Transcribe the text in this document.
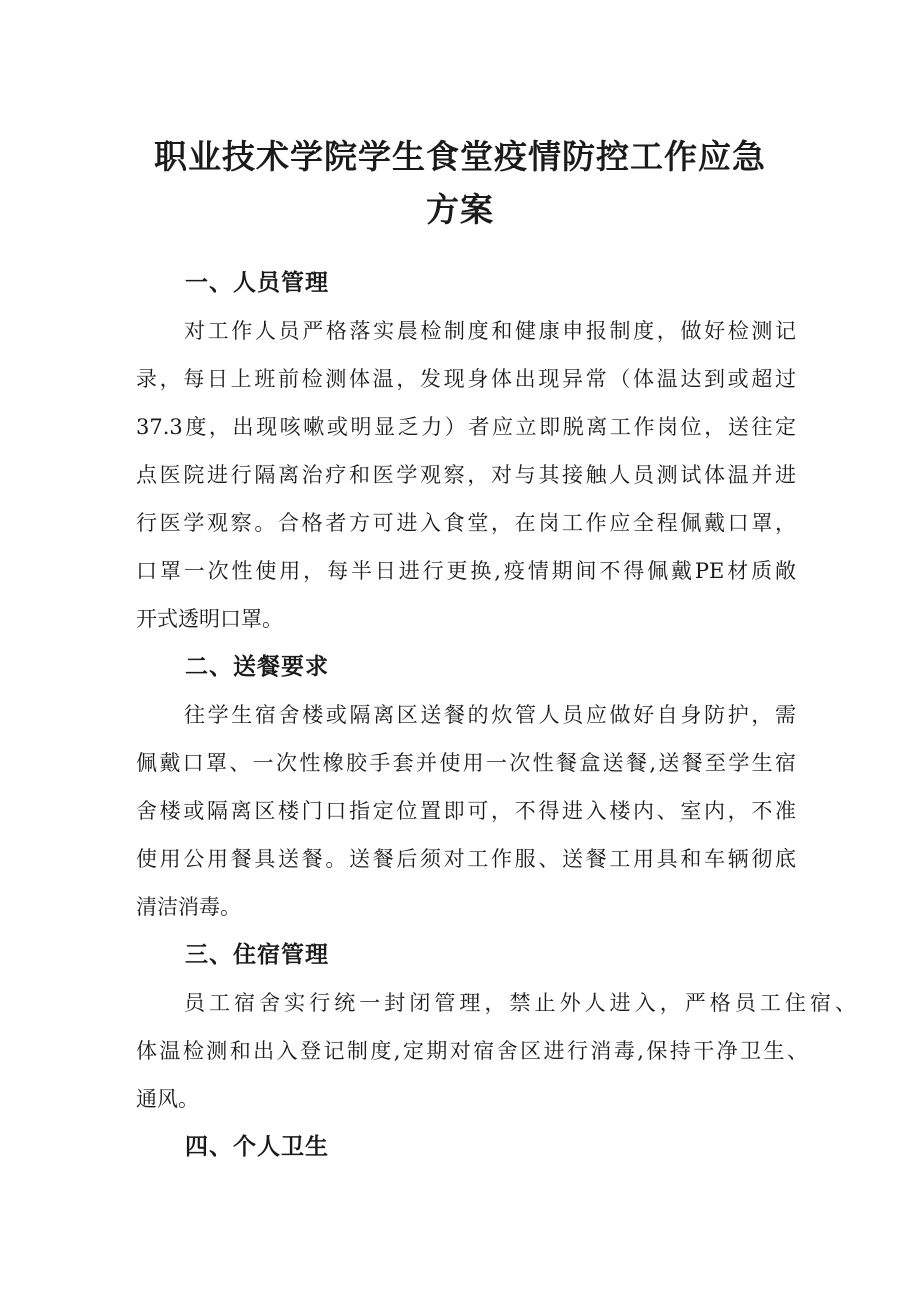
职业技术学院学生食堂疫情防控工作应急
方案
一、人员管理

对工作人员严格落实晨检制度和健康申报制度，做好检测记

录，每日上班前检测体温，发现身体出现异常（体温达到或超过

37.3度，出现咳嗽或明显乏力）者应立即脱离工作岗位，送往定

点医院进行隔离治疗和医学观察，对与其接触人员测试体温并进

行医学观察。合格者方可进入食堂，在岗工作应全程佩戴口罩，

口罩一次性使用，每半日进行更换,疫情期间不得佩戴PE材质敞

开式透明口罩。

二、送餐要求

往学生宿舍楼或隔离区送餐的炊管人员应做好自身防护，需

佩戴口罩、一次性橡胶手套并使用一次性餐盒送餐,送餐至学生宿

舍楼或隔离区楼门口指定位置即可，不得进入楼内、室内，不准

使用公用餐具送餐。送餐后须对工作服、送餐工用具和车辆彻底

清洁消毒。

三、住宿管理

员工宿舍实行统一封闭管理，禁止外人进入，严格员工住宿、

体温检测和出入登记制度,定期对宿舍区进行消毒,保持干净卫生、

通风。

四、个人卫生
